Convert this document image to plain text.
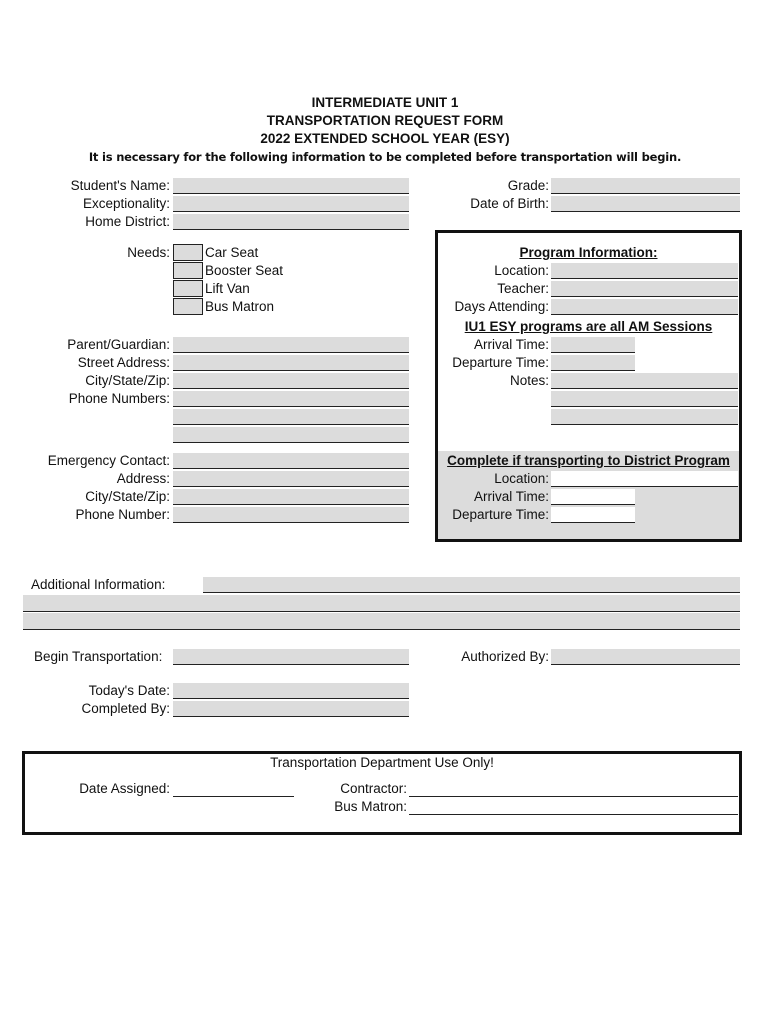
INTERMEDIATE UNIT 1
TRANSPORTATION REQUEST FORM
2022 EXTENDED SCHOOL YEAR (ESY)
It is necessary for the following information to be completed before transportation will begin.
Student's Name:
Exceptionality:
Home District:
Grade:
Date of Birth:
Needs:	Car Seat
Booster Seat
Lift Van
Bus Matron
Parent/Guardian:
Street Address:
City/State/Zip:
Phone Numbers:
Emergency Contact:
Address:
City/State/Zip:
Phone Number:
Program Information:
Location:
Teacher:
Days Attending:
IU1 ESY programs are all AM Sessions
Arrival Time:
Departure Time:
Notes:
Complete if transporting to District Program
Location:
Arrival Time:
Departure Time:
Additional Information:
Begin Transportation:	Authorized By:
Today's Date:
Completed By:
Transportation Department Use Only!
Date Assigned:	Contractor:
Bus Matron:
